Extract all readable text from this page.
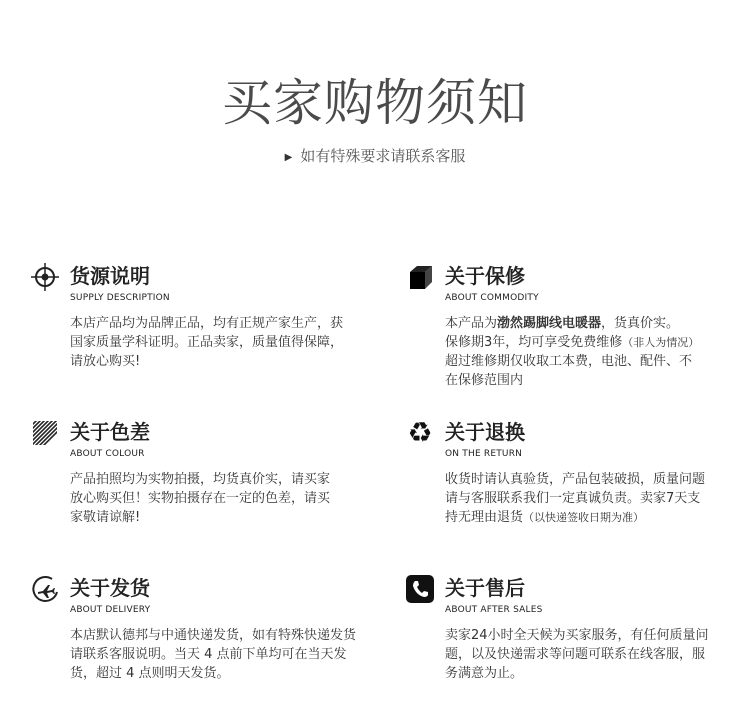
买家购物须知
▶ 如有特殊要求请联系客服
货源说明
SUPPLY DESCRIPTION
本店产品均为品牌正品，均有正规产家生产，获
国家质量学科证明。正品卖家，质量值得保障，
请放心购买!
关于保修
ABOUT COMMODITY
本产品为渤然踢脚线电暖器，货真价实。
保修期3年，均可享受免费维修（非人为情况）
超过维修期仅收取工本费，电池、配件、不
在保修范围内
关于色差
ABOUT COLOUR
产品拍照均为实物拍摄，均货真价实，请买家
放心购买但！实物拍摄存在一定的色差，请买
家敬请谅解!
♻ 关于退换
ON THE RETURN
收货时请认真验货，产品包装破损，质量问题
请与客服联系我们一定真诚负责。卖家7天支
持无理由退货（以快递签收日期为准）
关于发货
ABOUT DELIVERY
本店默认德邦与中通快递发货，如有特殊快递发货
请联系客服说明。当天 4 点前下单均可在当天发
货，超过 4 点则明天发货。
关于售后
ABOUT AFTER SALES
卖家24小时全天候为买家服务，有任何质量问
题，以及快递需求等问题可联系在线客服，服
务满意为止。
